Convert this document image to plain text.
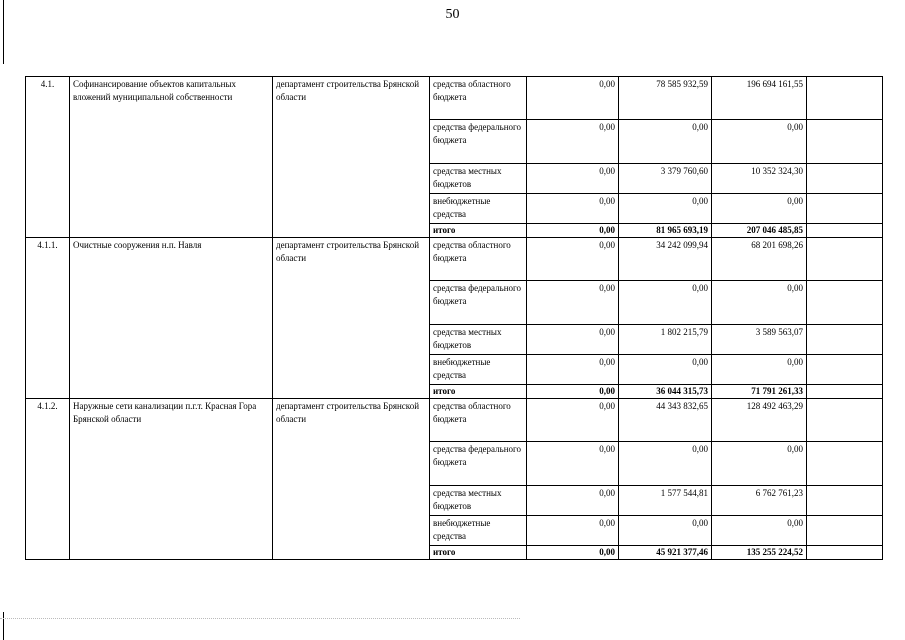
50
4.1.	Софинансирование объектов капитальных вложений муниципальной собственности	департамент строительства Брянской области	средства областного бюджета	0,00	78 585 932,59	196 694 161,55	
			средства федерального бюджета	0,00	0,00	0,00	
			средства местных бюджетов	0,00	3 379 760,60	10 352 324,30	
			внебюджетные средства	0,00	0,00	0,00	
			итого	0,00	81 965 693,19	207 046 485,85	
4.1.1.	Очистные сооружения н.п. Навля	департамент строительства Брянской области	средства областного бюджета	0,00	34 242 099,94	68 201 698,26	
			средства федерального бюджета	0,00	0,00	0,00	
			средства местных бюджетов	0,00	1 802 215,79	3 589 563,07	
			внебюджетные средства	0,00	0,00	0,00	
			итого	0,00	36 044 315,73	71 791 261,33	
4.1.2.	Наружные сети канализации п.г.т. Красная Гора Брянской области	департамент строительства Брянской области	средства областного бюджета	0,00	44 343 832,65	128 492 463,29	
			средства федерального бюджета	0,00	0,00	0,00	
			средства местных бюджетов	0,00	1 577 544,81	6 762 761,23	
			внебюджетные средства	0,00	0,00	0,00	
			итого	0,00	45 921 377,46	135 255 224,52	
